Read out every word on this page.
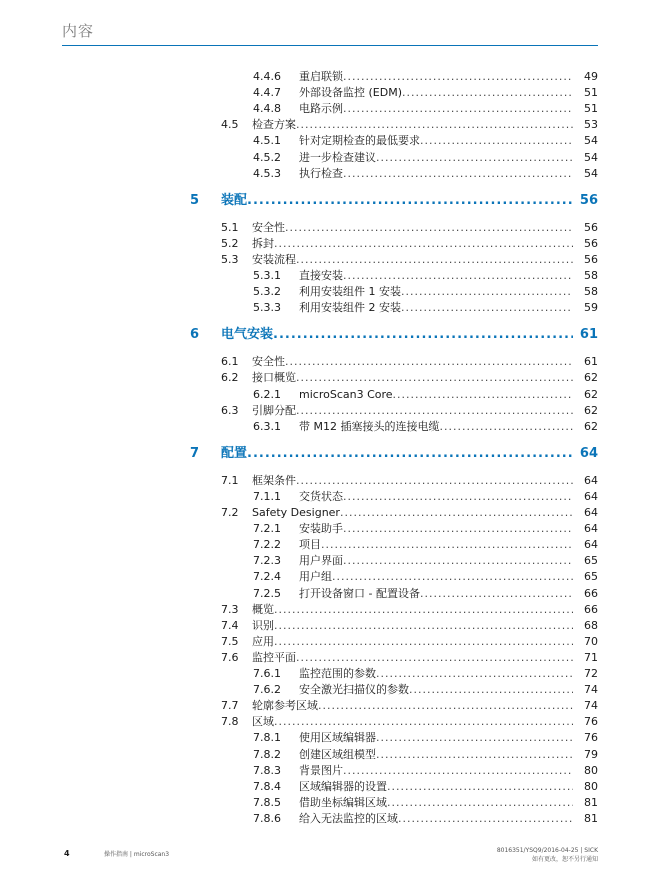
内容
4.4.6 重启联锁 .....	49
4.4.7 外部设备监控 (EDM) .....	51
4.4.8 电路示例 .....	51
4.5 检查方案 .....	53
4.5.1 针对定期检查的最低要求 .....	54
4.5.2 进一步检查建议 .....	54
4.5.3 执行检查 .....	54
5 装配 .....	56
5.1 安全性 .....	56
5.2 拆封 .....	56
5.3 安装流程 .....	56
5.3.1 直接安装 .....	58
5.3.2 利用安装组件 1 安装 .....	58
5.3.3 利用安装组件 2 安装 .....	59
6 电气安装 .....	61
6.1 安全性 .....	61
6.2 接口概览 .....	62
6.2.1 microScan3 Core .....	62
6.3 引脚分配 .....	62
6.3.1 带 M12 插塞接头的连接电缆 .....	62
7 配置 .....	64
7.1 框架条件 .....	64
7.1.1 交货状态 .....	64
7.2 Safety Designer .....	64
7.2.1 安装助手 .....	64
7.2.2 项目 .....	64
7.2.3 用户界面 .....	65
7.2.4 用户组 .....	65
7.2.5 打开设备窗口 - 配置设备 .....	66
7.3 概览 .....	66
7.4 识别 .....	68
7.5 应用 .....	70
7.6 监控平面 .....	71
7.6.1 监控范围的参数 .....	72
7.6.2 安全激光扫描仪的参数 .....	74
7.7 轮廓参考区域 .....	74
7.8 区域 .....	76
7.8.1 使用区域编辑器 .....	76
7.8.2 创建区域组模型 .....	79
7.8.3 背景图片 .....	80
7.8.4 区域编辑器的设置 .....	80
7.8.5 借助坐标编辑区域 .....	81
7.8.6 给入无法监控的区域 .....	81
4	操作指南 | microScan3
8016351/YSQ9/2016-04-25 | SICK
如有更改，恕不另行通知
